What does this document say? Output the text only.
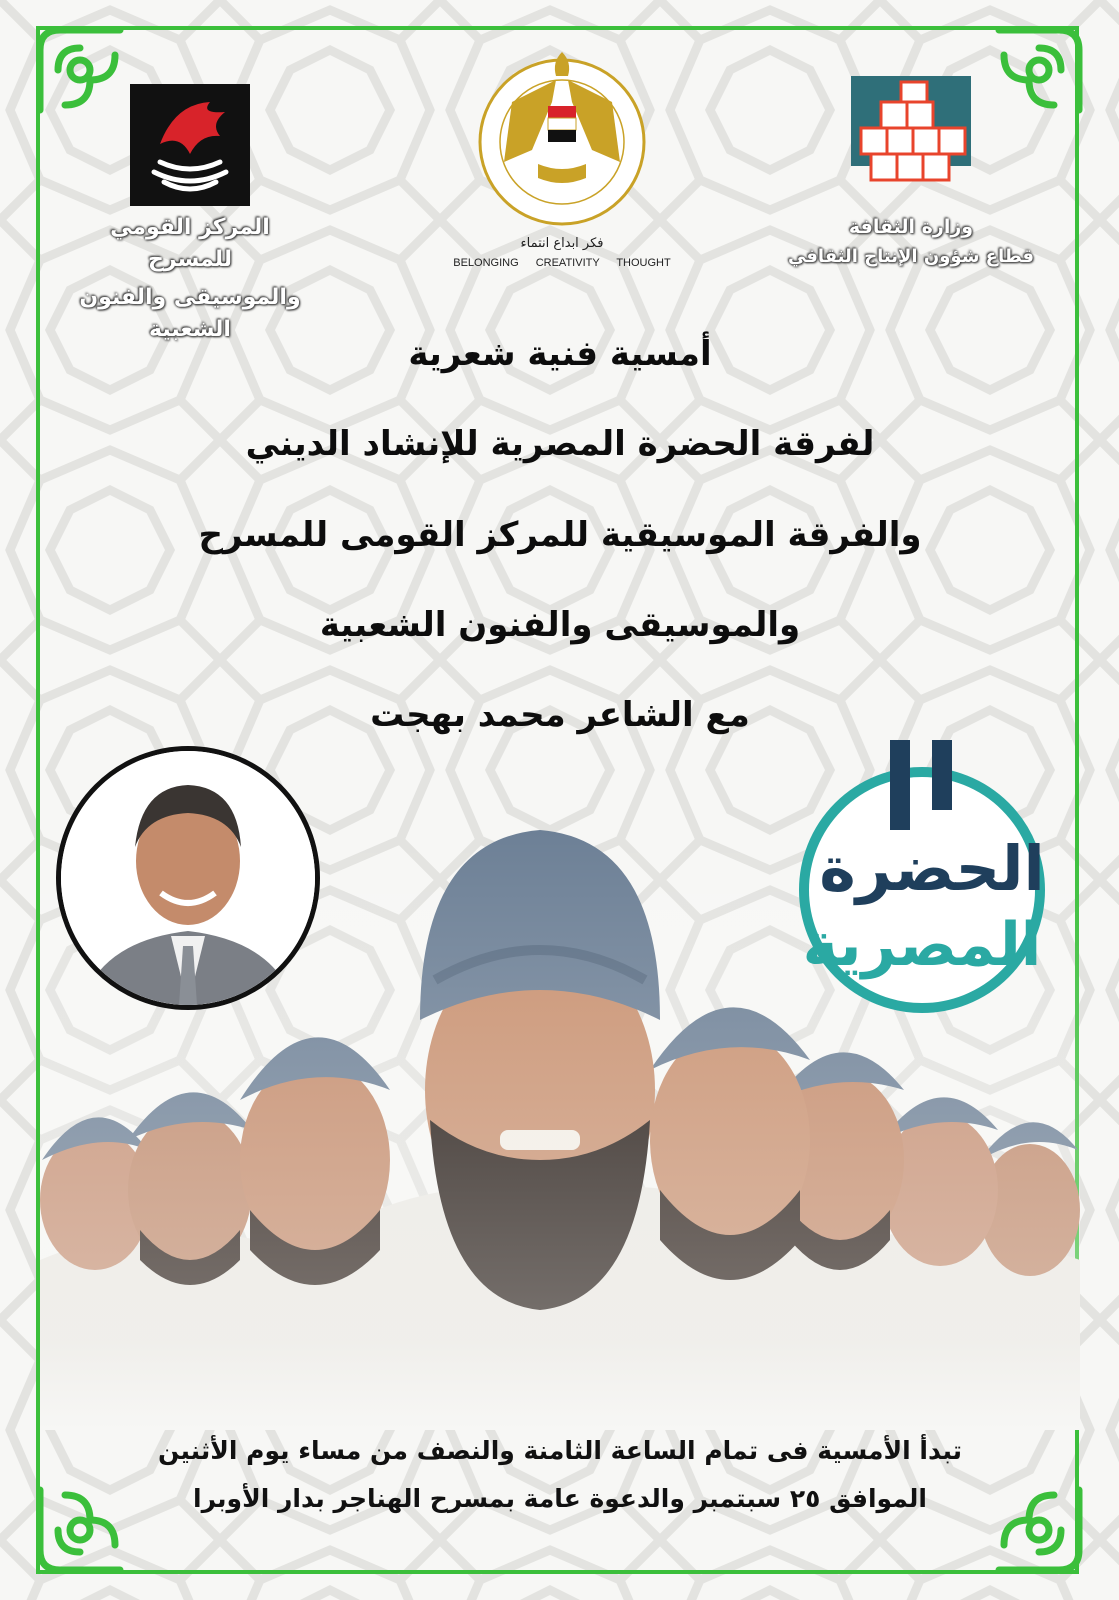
المركز القومي للمسرح
والموسيقى والفنون الشعبية
فكر ابداع انتماء
BELONGING CREATIVITY THOUGHT
وزارة الثقافة
قطاع شؤون الإنتاج الثقافي
أمسية فنية شعرية
لفرقة الحضرة المصرية للإنشاد الديني
والفرقة الموسيقية للمركز القومى للمسرح
والموسيقى والفنون الشعبية
مع الشاعر محمد بهجت
الحضرة
المصرية
تبدأ الأمسية فى تمام الساعة الثامنة والنصف من مساء يوم الأثنين
الموافق ٢٥ سبتمبر والدعوة عامة بمسرح الهناجر بدار الأوبرا
